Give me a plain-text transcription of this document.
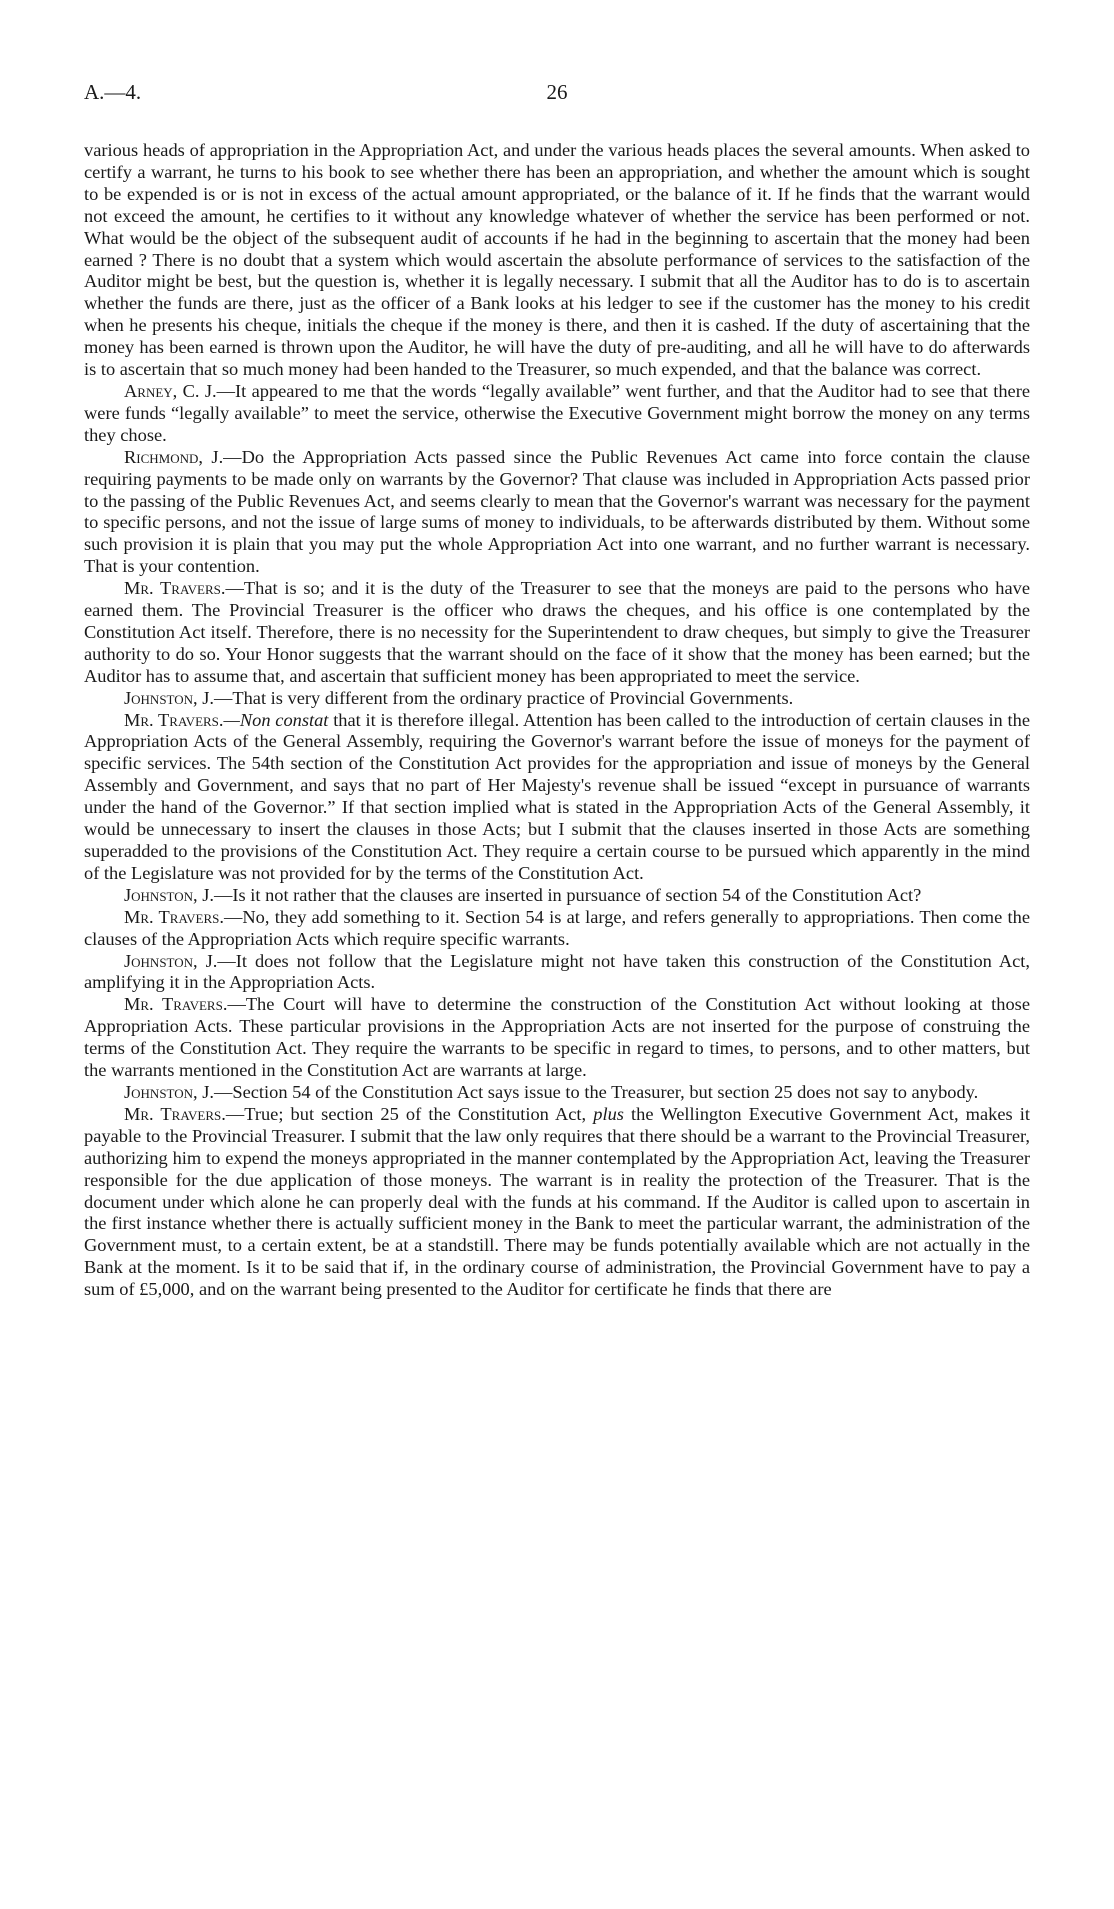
A.—4.	26

various heads of appropriation in the Appropriation Act, and under the various heads places the several amounts. When asked to certify a warrant, he turns to his book to see whether there has been an appropriation, and whether the amount which is sought to be expended is or is not in excess of the actual amount appropriated, or the balance of it. If he finds that the warrant would not exceed the amount, he certifies to it without any knowledge whatever of whether the service has been performed or not. What would be the object of the subsequent audit of accounts if he had in the beginning to ascertain that the money had been earned ? There is no doubt that a system which would ascertain the absolute performance of services to the satisfaction of the Auditor might be best, but the question is, whether it is legally necessary. I submit that all the Auditor has to do is to ascertain whether the funds are there, just as the officer of a Bank looks at his ledger to see if the customer has the money to his credit when he presents his cheque, initials the cheque if the money is there, and then it is cashed. If the duty of ascertaining that the money has been earned is thrown upon the Auditor, he will have the duty of pre-auditing, and all he will have to do afterwards is to ascertain that so much money had been handed to the Treasurer, so much expended, and that the balance was correct.

Arney, C. J.—It appeared to me that the words “legally available” went further, and that the Auditor had to see that there were funds “legally available” to meet the service, otherwise the Executive Government might borrow the money on any terms they chose.

Richmond, J.—Do the Appropriation Acts passed since the Public Revenues Act came into force contain the clause requiring payments to be made only on warrants by the Governor? That clause was included in Appropriation Acts passed prior to the passing of the Public Revenues Act, and seems clearly to mean that the Governor's warrant was necessary for the payment to specific persons, and not the issue of large sums of money to individuals, to be afterwards distributed by them. Without some such provision it is plain that you may put the whole Appropriation Act into one warrant, and no further warrant is necessary. That is your contention.

Mr. Travers.—That is so; and it is the duty of the Treasurer to see that the moneys are paid to the persons who have earned them. The Provincial Treasurer is the officer who draws the cheques, and his office is one contemplated by the Constitution Act itself. Therefore, there is no necessity for the Superintendent to draw cheques, but simply to give the Treasurer authority to do so. Your Honor suggests that the warrant should on the face of it show that the money has been earned; but the Auditor has to assume that, and ascertain that sufficient money has been appropriated to meet the service.

Johnston, J.—That is very different from the ordinary practice of Provincial Governments.

Mr. Travers.—Non constat that it is therefore illegal. Attention has been called to the introduction of certain clauses in the Appropriation Acts of the General Assembly, requiring the Governor's warrant before the issue of moneys for the payment of specific services. The 54th section of the Constitution Act provides for the appropriation and issue of moneys by the General Assembly and Government, and says that no part of Her Majesty's revenue shall be issued “except in pursuance of warrants under the hand of the Governor.” If that section implied what is stated in the Appropriation Acts of the General Assembly, it would be unnecessary to insert the clauses in those Acts; but I submit that the clauses inserted in those Acts are something superadded to the provisions of the Constitution Act. They require a certain course to be pursued which apparently in the mind of the Legislature was not provided for by the terms of the Constitution Act.

Johnston, J.—Is it not rather that the clauses are inserted in pursuance of section 54 of the Constitution Act?

Mr. Travers.—No, they add something to it. Section 54 is at large, and refers generally to appropriations. Then come the clauses of the Appropriation Acts which require specific warrants.

Johnston, J.—It does not follow that the Legislature might not have taken this construction of the Constitution Act, amplifying it in the Appropriation Acts.

Mr. Travers.—The Court will have to determine the construction of the Constitution Act without looking at those Appropriation Acts. These particular provisions in the Appropriation Acts are not inserted for the purpose of construing the terms of the Constitution Act. They require the warrants to be specific in regard to times, to persons, and to other matters, but the warrants mentioned in the Constitution Act are warrants at large.

Johnston, J.—Section 54 of the Constitution Act says issue to the Treasurer, but section 25 does not say to anybody.

Mr. Travers.—True; but section 25 of the Constitution Act, plus the Wellington Executive Government Act, makes it payable to the Provincial Treasurer. I submit that the law only requires that there should be a warrant to the Provincial Treasurer, authorizing him to expend the moneys appropriated in the manner contemplated by the Appropriation Act, leaving the Treasurer responsible for the due application of those moneys. The warrant is in reality the protection of the Treasurer. That is the document under which alone he can properly deal with the funds at his command. If the Auditor is called upon to ascertain in the first instance whether there is actually sufficient money in the Bank to meet the particular warrant, the administration of the Government must, to a certain extent, be at a standstill. There may be funds potentially available which are not actually in the Bank at the moment. Is it to be said that if, in the ordinary course of administration, the Provincial Government have to pay a sum of £5,000, and on the warrant being presented to the Auditor for certificate he finds that there are
